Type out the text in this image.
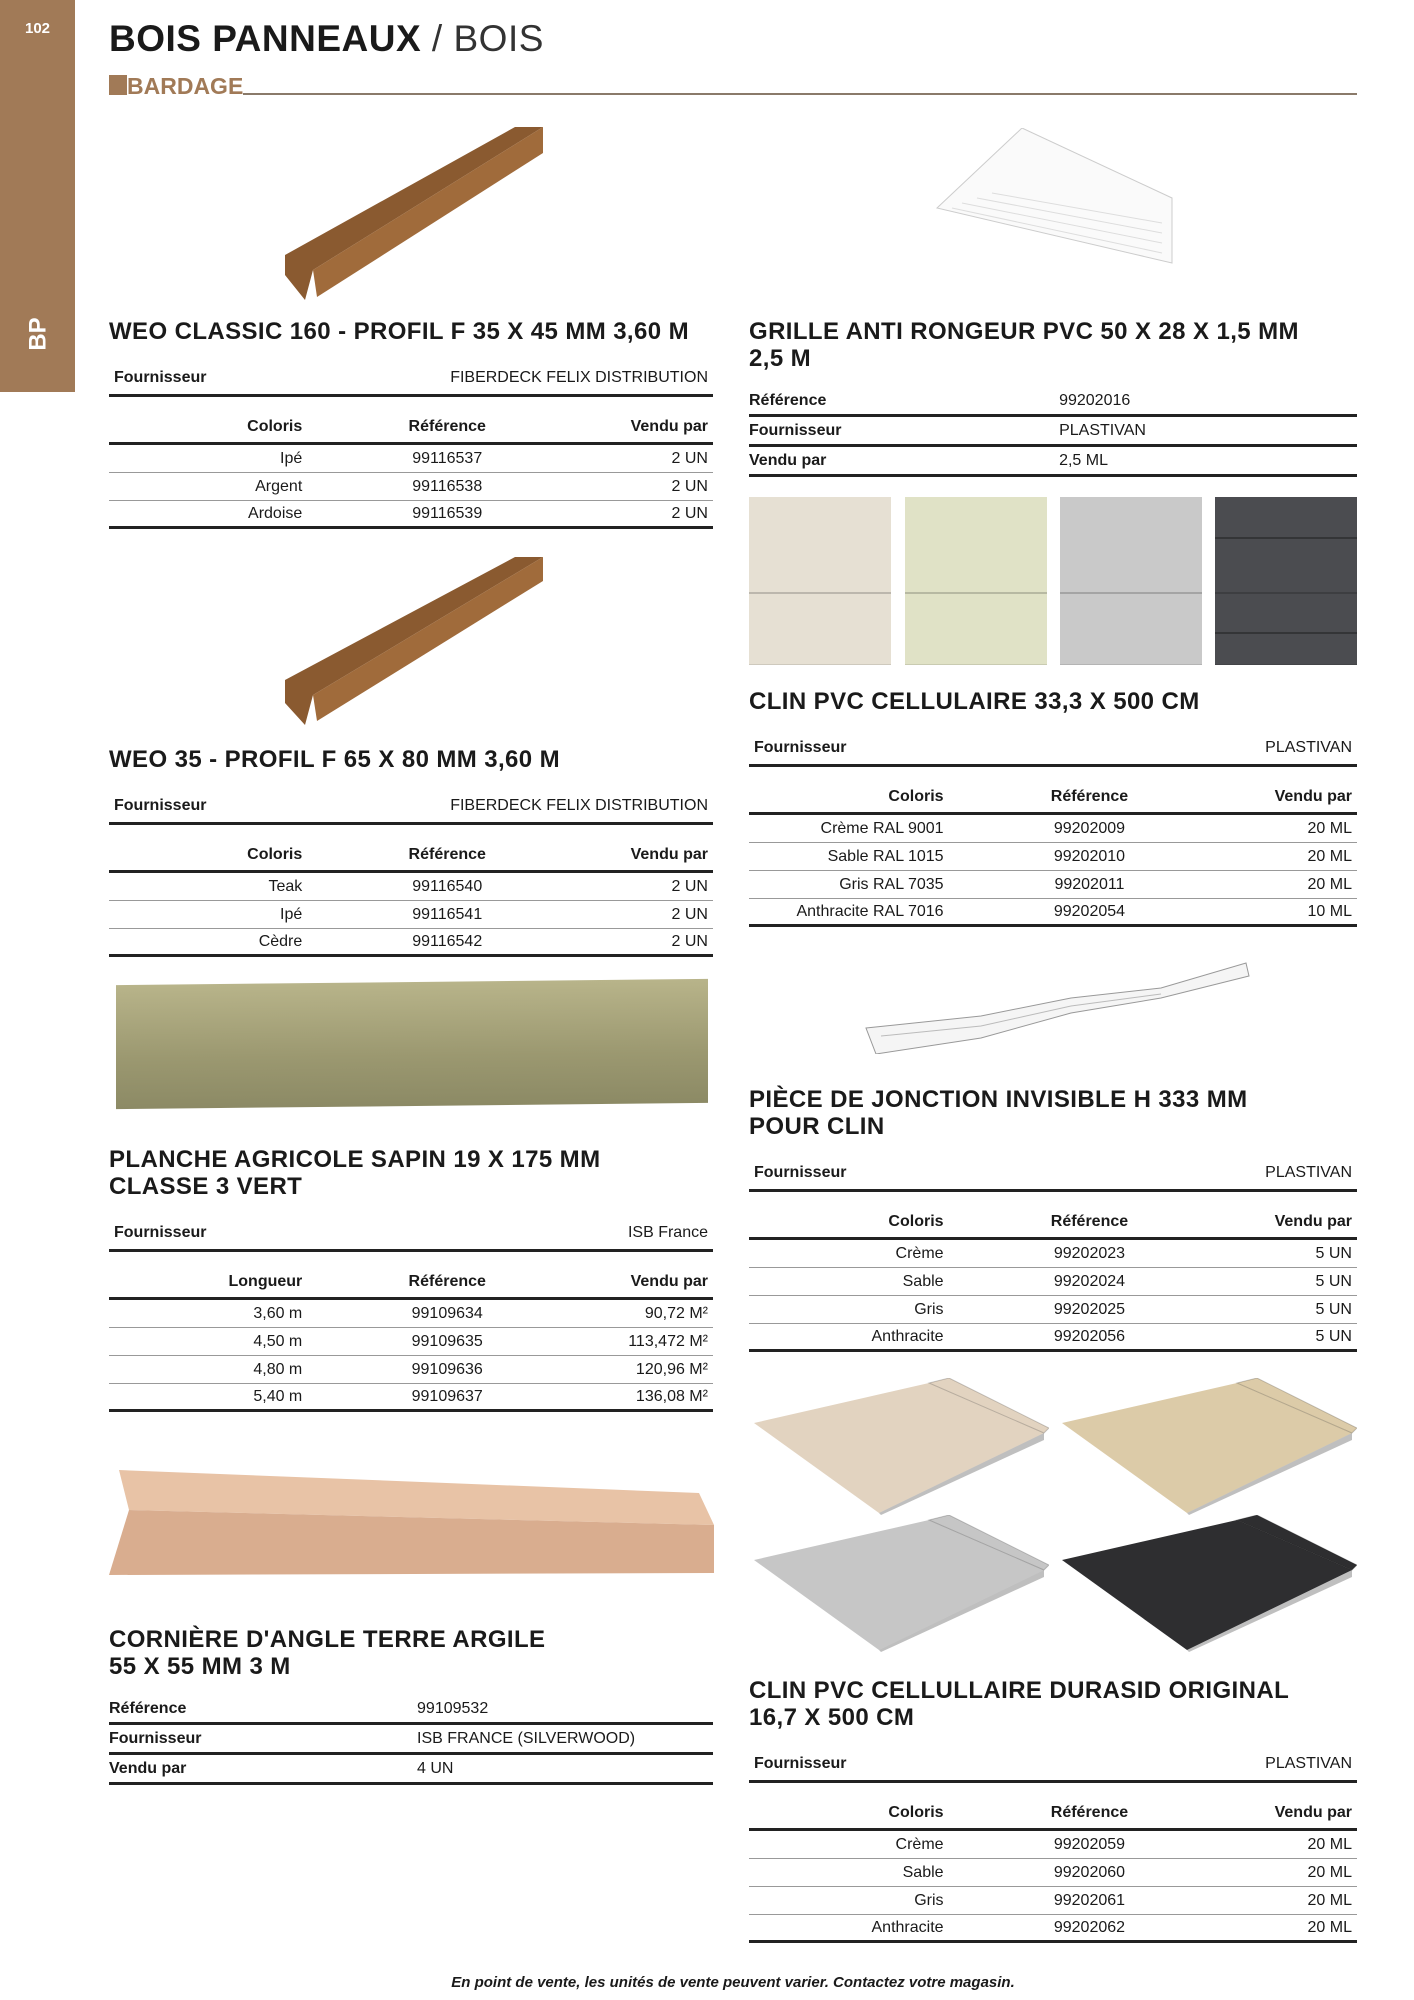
102
BP
BOIS PANNEAUX / BOIS
BARDAGE
WEO CLASSIC 160 - PROFIL F 35 X 45 MM 3,60 M
Fournisseur	FIBERDECK FELIX DISTRIBUTION
Coloris	Référence	Vendu par
Ipé	99116537	2 UN
Argent	99116538	2 UN
Ardoise	99116539	2 UN
WEO 35 - PROFIL F 65 X 80 MM 3,60 M
Fournisseur	FIBERDECK FELIX DISTRIBUTION
Coloris	Référence	Vendu par
Teak	99116540	2 UN
Ipé	99116541	2 UN
Cèdre	99116542	2 UN
PLANCHE AGRICOLE SAPIN 19 X 175 MM
CLASSE 3 VERT
Fournisseur	ISB France
Longueur	Référence	Vendu par
3,60 m	99109634	90,72 M²
4,50 m	99109635	113,472 M²
4,80 m	99109636	120,96 M²
5,40 m	99109637	136,08 M²
CORNIÈRE D'ANGLE TERRE ARGILE
55 X 55 MM 3 M
Référence	99109532
Fournisseur	ISB FRANCE (SILVERWOOD)
Vendu par	4 UN
GRILLE ANTI RONGEUR PVC 50 X 28 X 1,5 MM
2,5 M
Référence	99202016
Fournisseur	PLASTIVAN
Vendu par	2,5 ML
CLIN PVC CELLULAIRE 33,3 X 500 CM
Fournisseur	PLASTIVAN
Coloris	Référence	Vendu par
Crème RAL 9001	99202009	20 ML
Sable RAL 1015	99202010	20 ML
Gris RAL 7035	99202011	20 ML
Anthracite RAL 7016	99202054	10 ML
PIÈCE DE JONCTION INVISIBLE H 333 MM
POUR CLIN
Fournisseur	PLASTIVAN
Coloris	Référence	Vendu par
Crème	99202023	5 UN
Sable	99202024	5 UN
Gris	99202025	5 UN
Anthracite	99202056	5 UN
CLIN PVC CELLULLAIRE DURASID ORIGINAL
16,7 X 500 CM
Fournisseur	PLASTIVAN
Coloris	Référence	Vendu par
Crème	99202059	20 ML
Sable	99202060	20 ML
Gris	99202061	20 ML
Anthracite	99202062	20 ML
En point de vente, les unités de vente peuvent varier. Contactez votre magasin.
